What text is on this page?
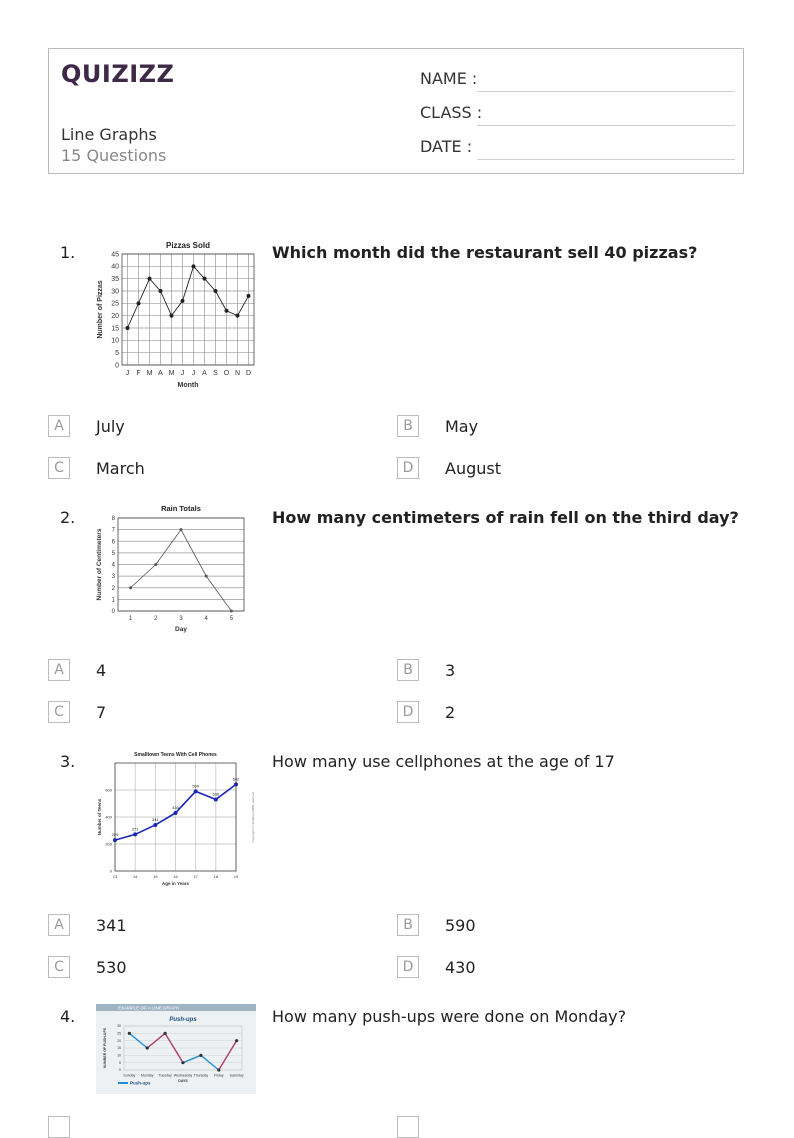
QUIZIZZ
Line Graphs
15 Questions
NAME :
CLASS :
DATE :
1.	Pizzas Sold
0
5
10
15
20
25
30
35
40
45
J F M A M J J A S O N D
Month
Number of Pizzas
Which month did the restaurant sell 40 pizzas?
A	July	B	May
C	March	D	August
2.	Rain Totals
0
1
2
3
4
5
6
7
8
1	2	3	4	5
Day
Number of Centimeters
How many centimeters of rain fell on the third day?
A	4	B	3
C	7	D	2
3.	Smalltown Teens With Cell Phones
0
200
400
600
13	14	15	16	17	18	19
Age in Years
Number of Teens 229
271
341
430
590
530
642
Copyright © Houghton Mifflin Harcourt
How many use cellphones at the age of 17
A	341	B	590
C	530	D	430
4.	EXAMPLE OF A LINE GRAPH
Push-ups
0
5
10
15
20
25
30
Sunday Monday Tuesday Wednesday Thursday Friday Saturday
DAYS
NUMBER OF PUSH-UPS
Push-ups
How many push-ups were done on Monday?
